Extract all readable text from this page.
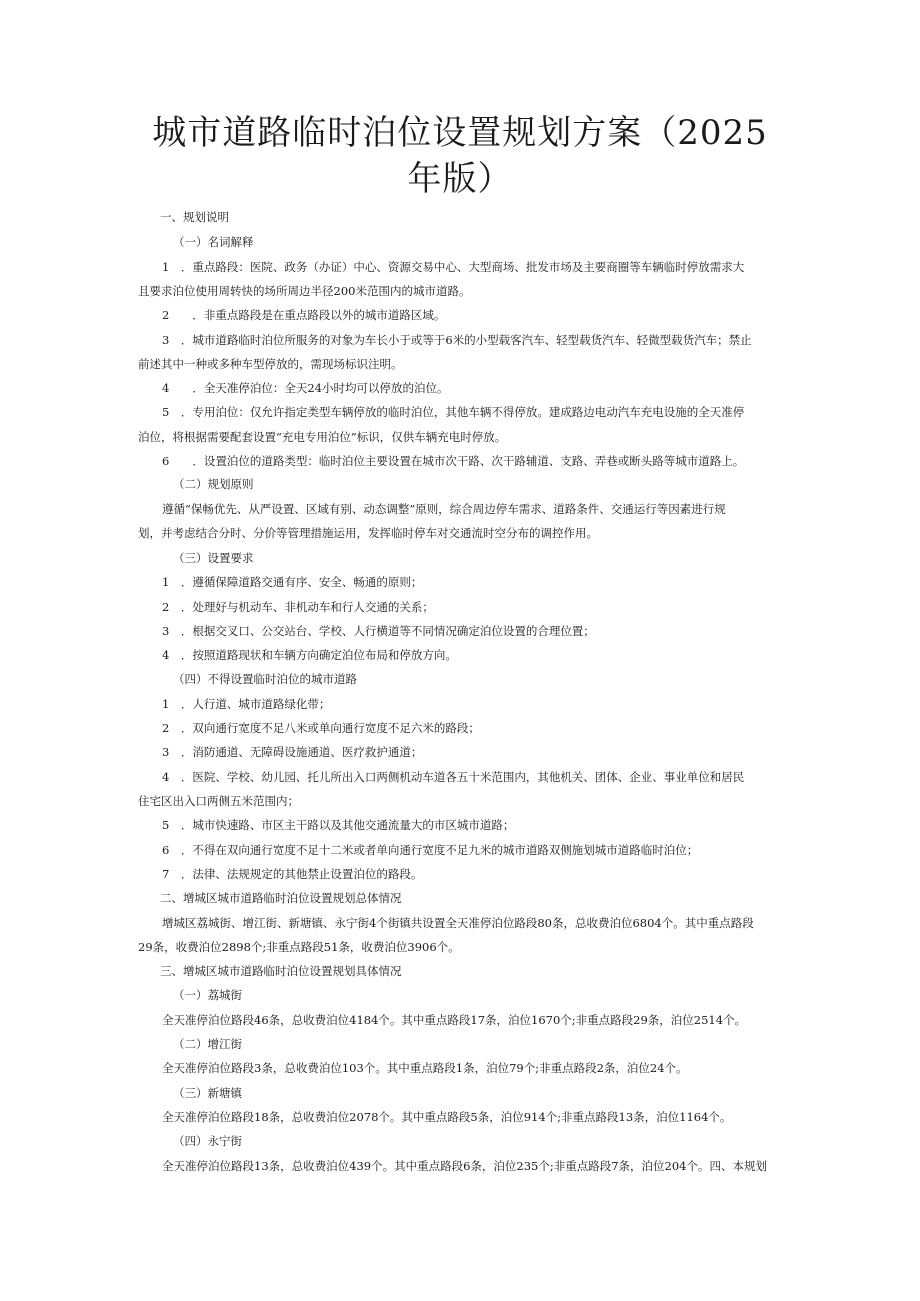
城市道路临时泊位设置规划方案（2025
年版）
一、规划说明
（一）名词解释
1　．重点路段：医院、政务（办证）中心、资源交易中心、大型商场、批发市场及主要商圈等车辆临时停放需求大
且要求泊位使用周转快的场所周边半径200米范围内的城市道路。
2　　．非重点路段是在重点路段以外的城市道路区域。
3　．城市道路临时泊位所服务的对象为车长小于或等于6米的小型载客汽车、轻型载货汽车、轻微型载货汽车；禁止
前述其中一种或多种车型停放的，需现场标识注明。
4　　．全天准停泊位：全天24小时均可以停放的泊位。
5　．专用泊位：仅允许指定类型车辆停放的临时泊位，其他车辆不得停放。建成路边电动汽车充电设施的全天准停
泊位，将根据需要配套设置“充电专用泊位”标识，仅供车辆充电时停放。
6　　．设置泊位的道路类型：临时泊位主要设置在城市次干路、次干路辅道、支路、弄巷或断头路等城市道路上。
（二）规划原则
遵循“保畅优先、从严设置、区域有别、动态调整”原则，综合周边停车需求、道路条件、交通运行等因素进行规
划，并考虑结合分时、分价等管理措施运用，发挥临时停车对交通流时空分布的调控作用。
（三）设置要求
1　．遵循保障道路交通有序、安全、畅通的原则；
2　．处理好与机动车、非机动车和行人交通的关系；
3　．根据交叉口、公交站台、学校、人行横道等不同情况确定泊位设置的合理位置；
4　．按照道路现状和车辆方向确定泊位布局和停放方向。
（四）不得设置临时泊位的城市道路
1　．人行道、城市道路绿化带；
2　．双向通行宽度不足八米或单向通行宽度不足六米的路段；
3　．消防通道、无障碍设施通道、医疗救护通道；
4　．医院、学校、幼儿园、托儿所出入口两侧机动车道各五十米范围内，其他机关、团体、企业、事业单位和居民
住宅区出入口两侧五米范围内；
5　．城市快速路、市区主干路以及其他交通流量大的市区城市道路；
6　．不得在双向通行宽度不足十二米或者单向通行宽度不足九米的城市道路双侧施划城市道路临时泊位；
7　．法律、法规规定的其他禁止设置泊位的路段。
二、增城区城市道路临时泊位设置规划总体情况
增城区荔城街、增江街、新塘镇、永宁街4个街镇共设置全天准停泊位路段80条，总收费泊位6804个。其中重点路段
29条，收费泊位2898个;非重点路段51条，收费泊位3906个。
三、增城区城市道路临时泊位设置规划具体情况
（一）荔城街
全天准停泊位路段46条，总收费泊位4184个。其中重点路段17条，泊位1670个;非重点路段29条，泊位2514个。
（二）增江街
全天准停泊位路段3条，总收费泊位103个。其中重点路段1条，泊位79个;非重点路段2条，泊位24个。
（三）新塘镇
全天准停泊位路段18条，总收费泊位2078个。其中重点路段5条，泊位914个;非重点路段13条，泊位1164个。
（四）永宁街
全天准停泊位路段13条，总收费泊位439个。其中重点路段6条，泊位235个;非重点路段7条，泊位204个。四、本规划
